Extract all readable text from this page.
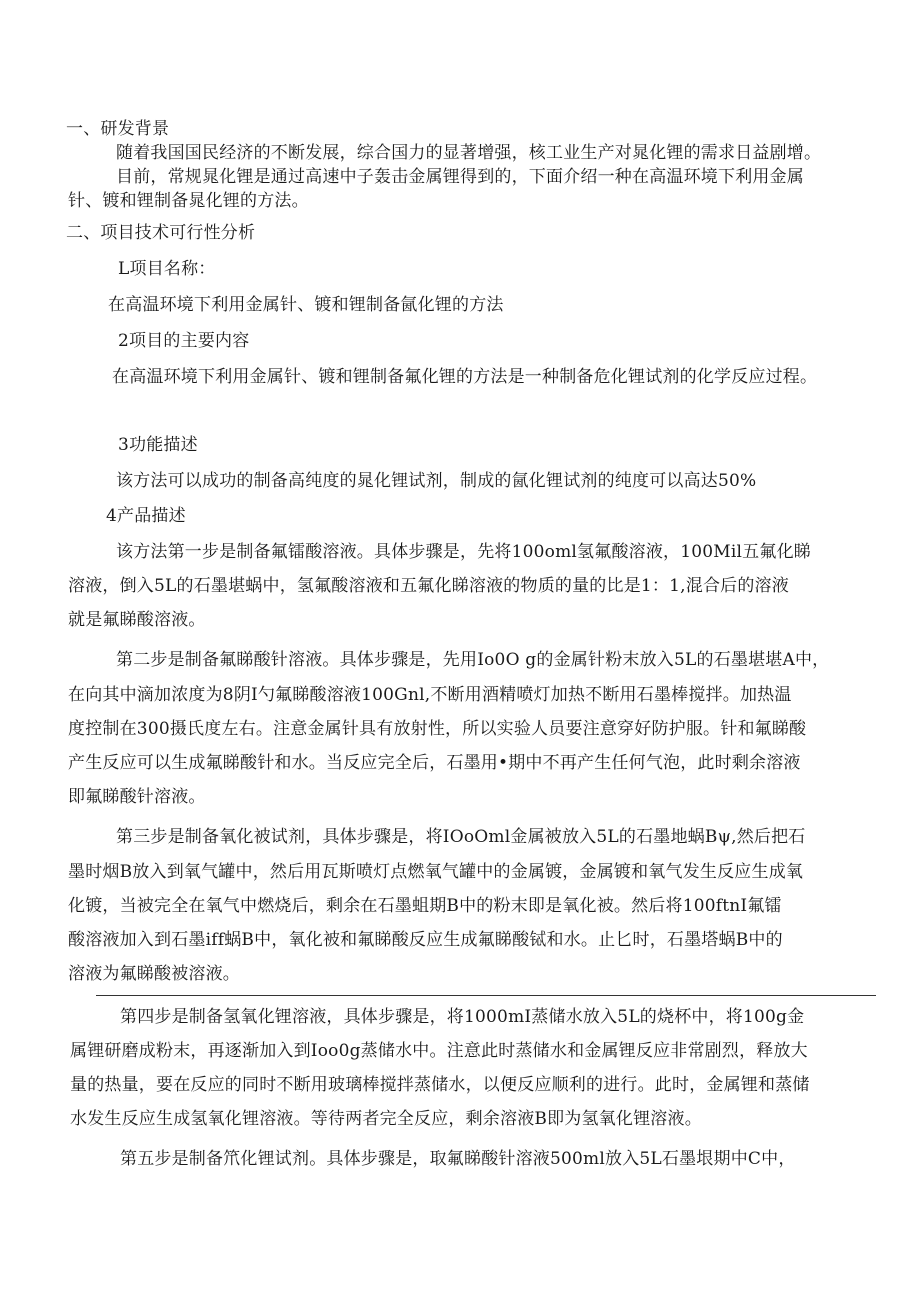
一、研发背景
随着我国国民经济的不断发展，综合国力的显著增强，核工业生产对晁化锂的需求日益剧增。
目前，常规晁化锂是通过高速中子轰击金属锂得到的，下面介绍一种在高温环境下利用金属
针、镀和锂制备晁化锂的方法。
二、项目技术可行性分析
L项目名称：
在高温环境下利用金属针、镀和锂制备氤化锂的方法
2项目的主要内容
在高温环境下利用金属针、镀和锂制备氟化锂的方法是一种制备危化锂试剂的化学反应过程。
3功能描述
该方法可以成功的制备高纯度的晁化锂试剂，制成的氤化锂试剂的纯度可以高达50%
4产品描述
该方法第一步是制备氟镭酸溶液。具体步骤是，先将100oml氢氟酸溶液，100Mil五氟化睇
溶液，倒入5L的石墨堪蜗中，氢氟酸溶液和五氟化睇溶液的物质的量的比是1：1,混合后的溶液
就是氟睇酸溶液。
第二步是制备氟睇酸针溶液。具体步骤是，先用Io0O g的金属针粉末放入5L的石墨堪堪A中，
在向其中滴加浓度为8阴I勺氟睇酸溶液100Gnl,不断用酒精喷灯加热不断用石墨棒搅拌。加热温
度控制在300摄氏度左右。注意金属针具有放射性，所以实验人员要注意穿好防护服。针和氟睇酸
产生反应可以生成氟睇酸针和水。当反应完全后，石墨用•期中不再产生任何气泡，此时剩余溶液
即氟睇酸针溶液。
第三步是制备氧化被试剂，具体步骤是，将IOoOml金属被放入5L的石墨地蜗Bψ,然后把石
墨时烟B放入到氧气罐中，然后用瓦斯喷灯点燃氧气罐中的金属镀，金属镀和氧气发生反应生成氧
化镀，当被完全在氧气中燃烧后，剩余在石墨蛆期B中的粉末即是氧化被。然后将100ftnI氟镭
酸溶液加入到石墨iff蜗B中，氧化被和氟睇酸反应生成氟睇酸铽和水。止匕时，石墨塔蜗B中的
溶液为氟睇酸被溶液。
第四步是制备氢氧化锂溶液，具体步骤是，将1000mI蒸储水放入5L的烧杯中，将100g金
属锂研磨成粉末，再逐渐加入到Ioo0g蒸储水中。注意此时蒸储水和金属锂反应非常剧烈，释放大
量的热量，要在反应的同时不断用玻璃棒搅拌蒸储水，以便反应顺利的进行。此时，金属锂和蒸储
水发生反应生成氢氧化锂溶液。等待两者完全反应，剩余溶液B即为氢氧化锂溶液。
第五步是制备笊化锂试剂。具体步骤是，取氟睇酸针溶液500ml放入5L石墨垠期中C中，
